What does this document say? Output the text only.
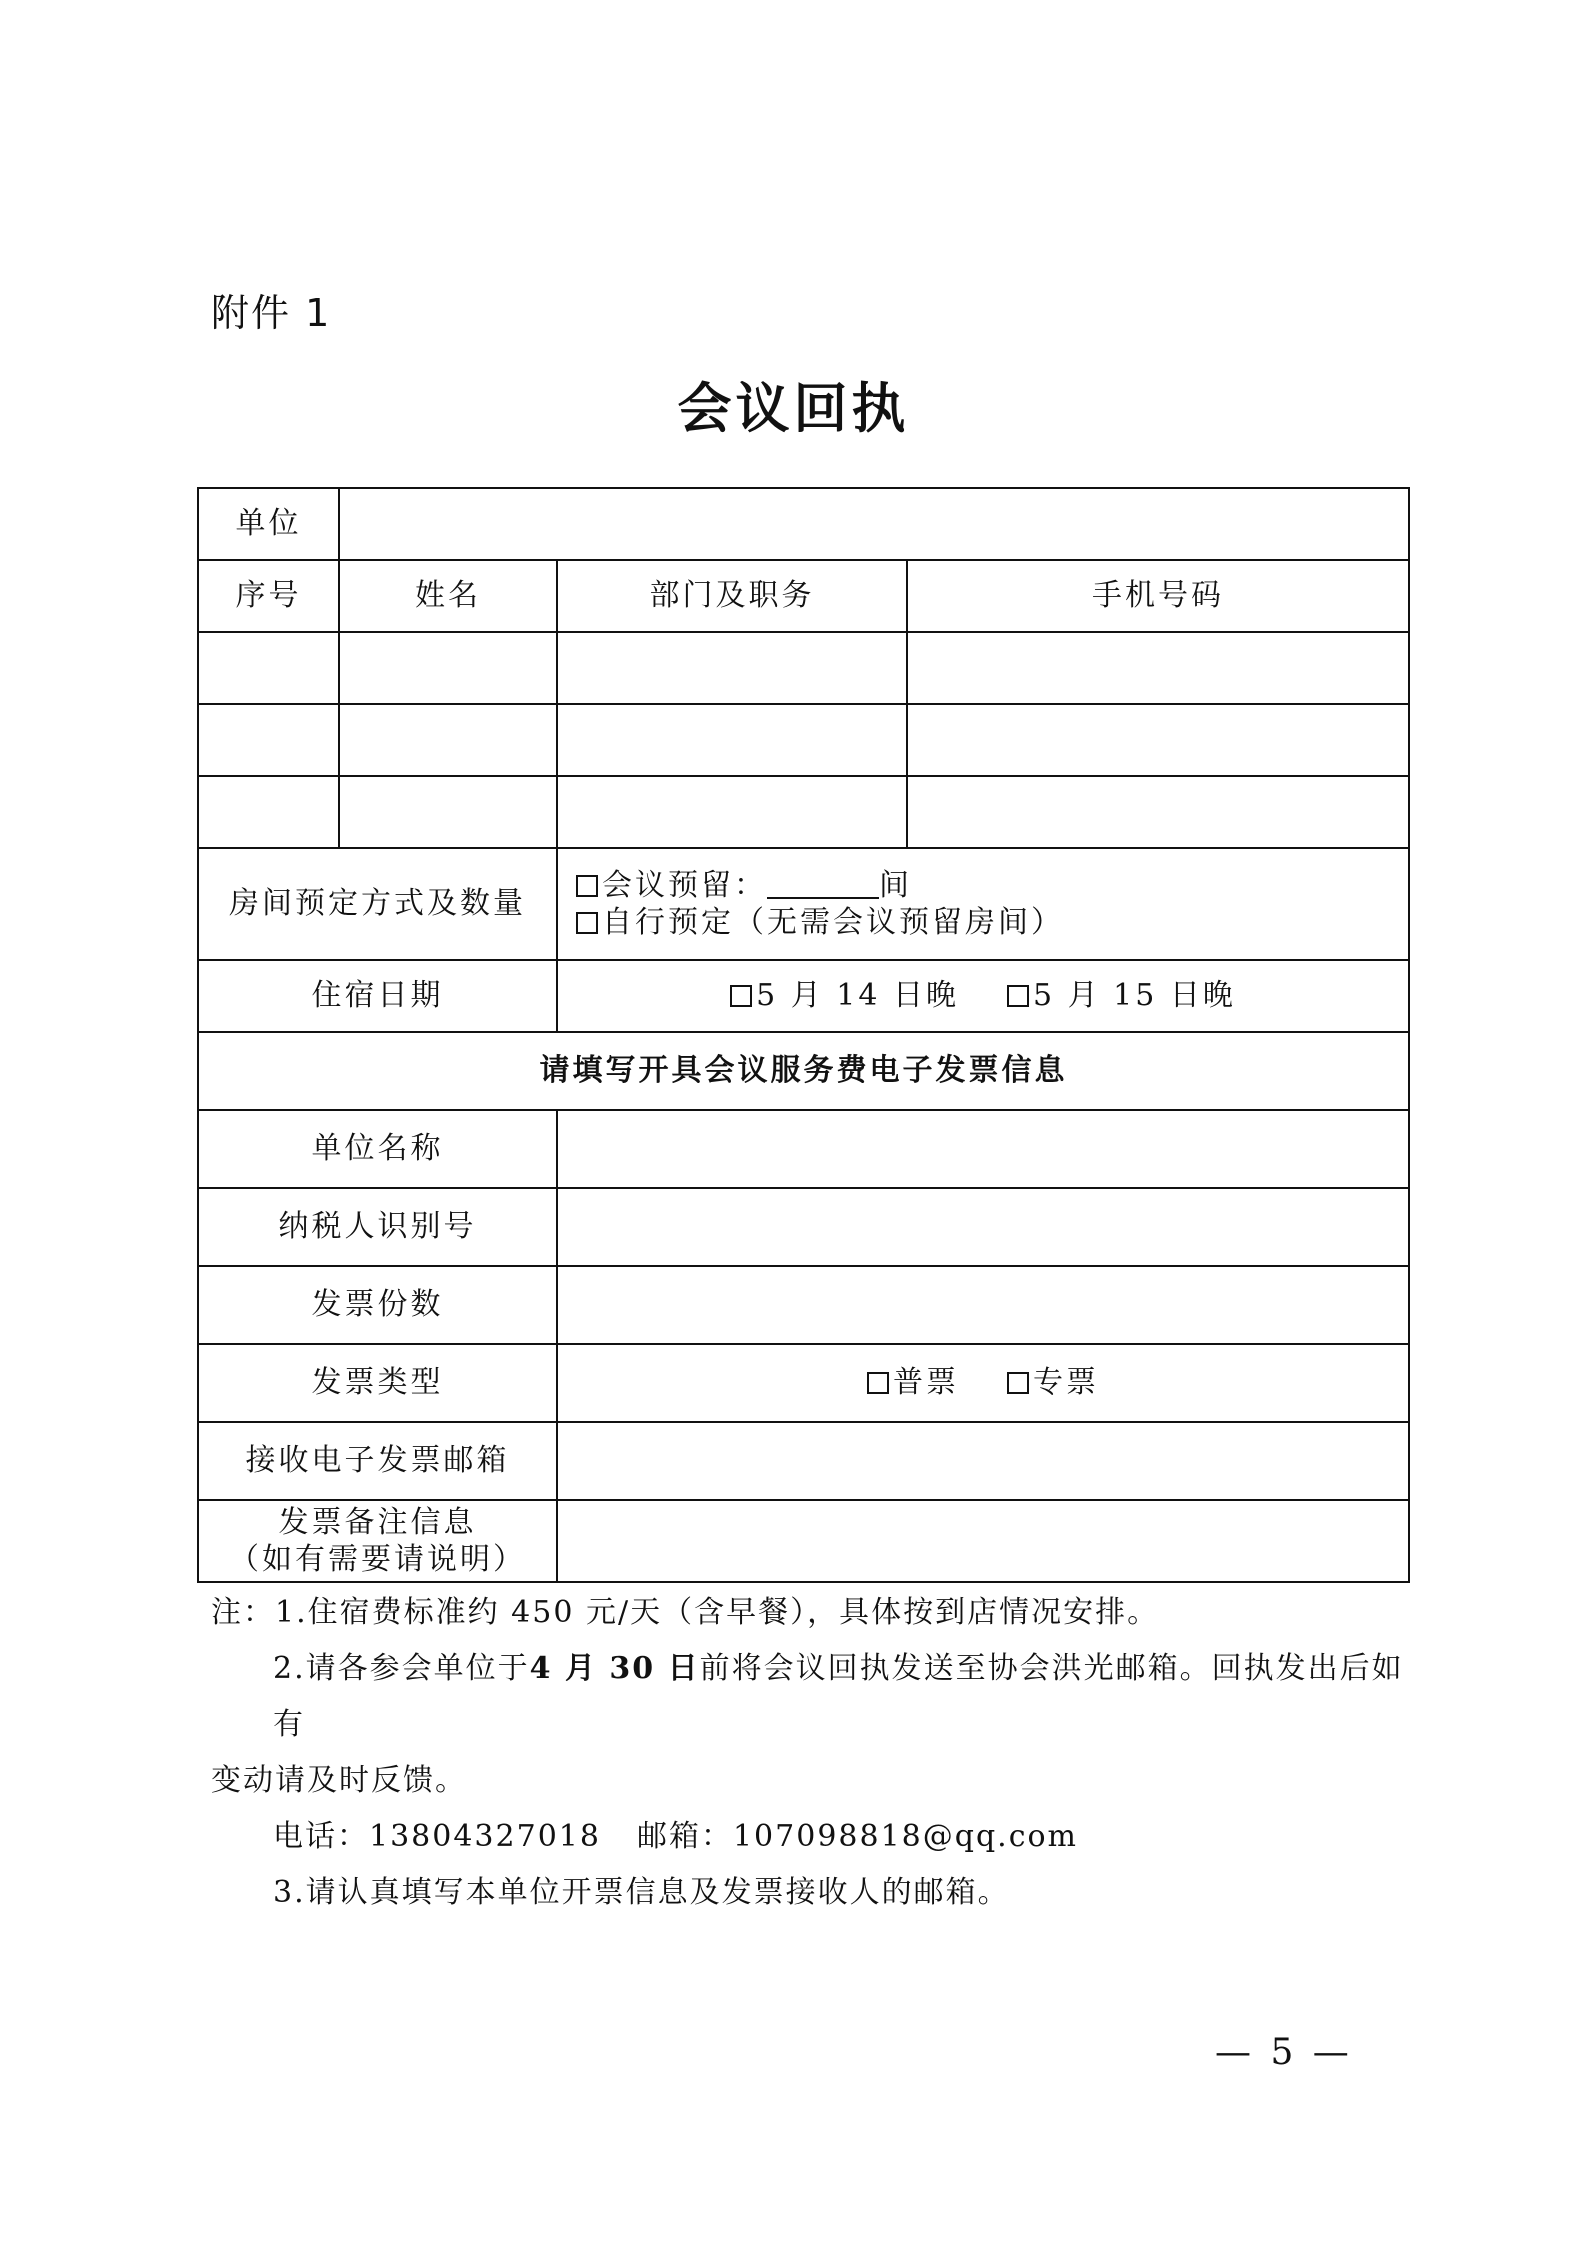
附件 1
会议回执
单位			
序号	姓名	部门及职务	手机号码

房间预定方式及数量		会议预留： 间
自行预定（无需会议预留房间）	

住宿日期		5 月 14 日晚 5 月 15 日晚	
请填写开具会议服务费电子发票信息			
单位名称			
纳税人识别号			
发票份数			
发票类型		普票 专票	
接收电子发票邮箱			

发票备注信息
（如有需要请说明）			

注：1.住宿费标准约 450 元/天（含早餐），具体按到店情况安排。

2.请各参会单位于4 月 30 日前将会议回执发送至协会洪光邮箱。回执发出后如有

变动请及时反馈。

电话：13804327018 邮箱：107098818@qq.com

3.请认真填写本单位开票信息及发票接收人的邮箱。

— 5 —
